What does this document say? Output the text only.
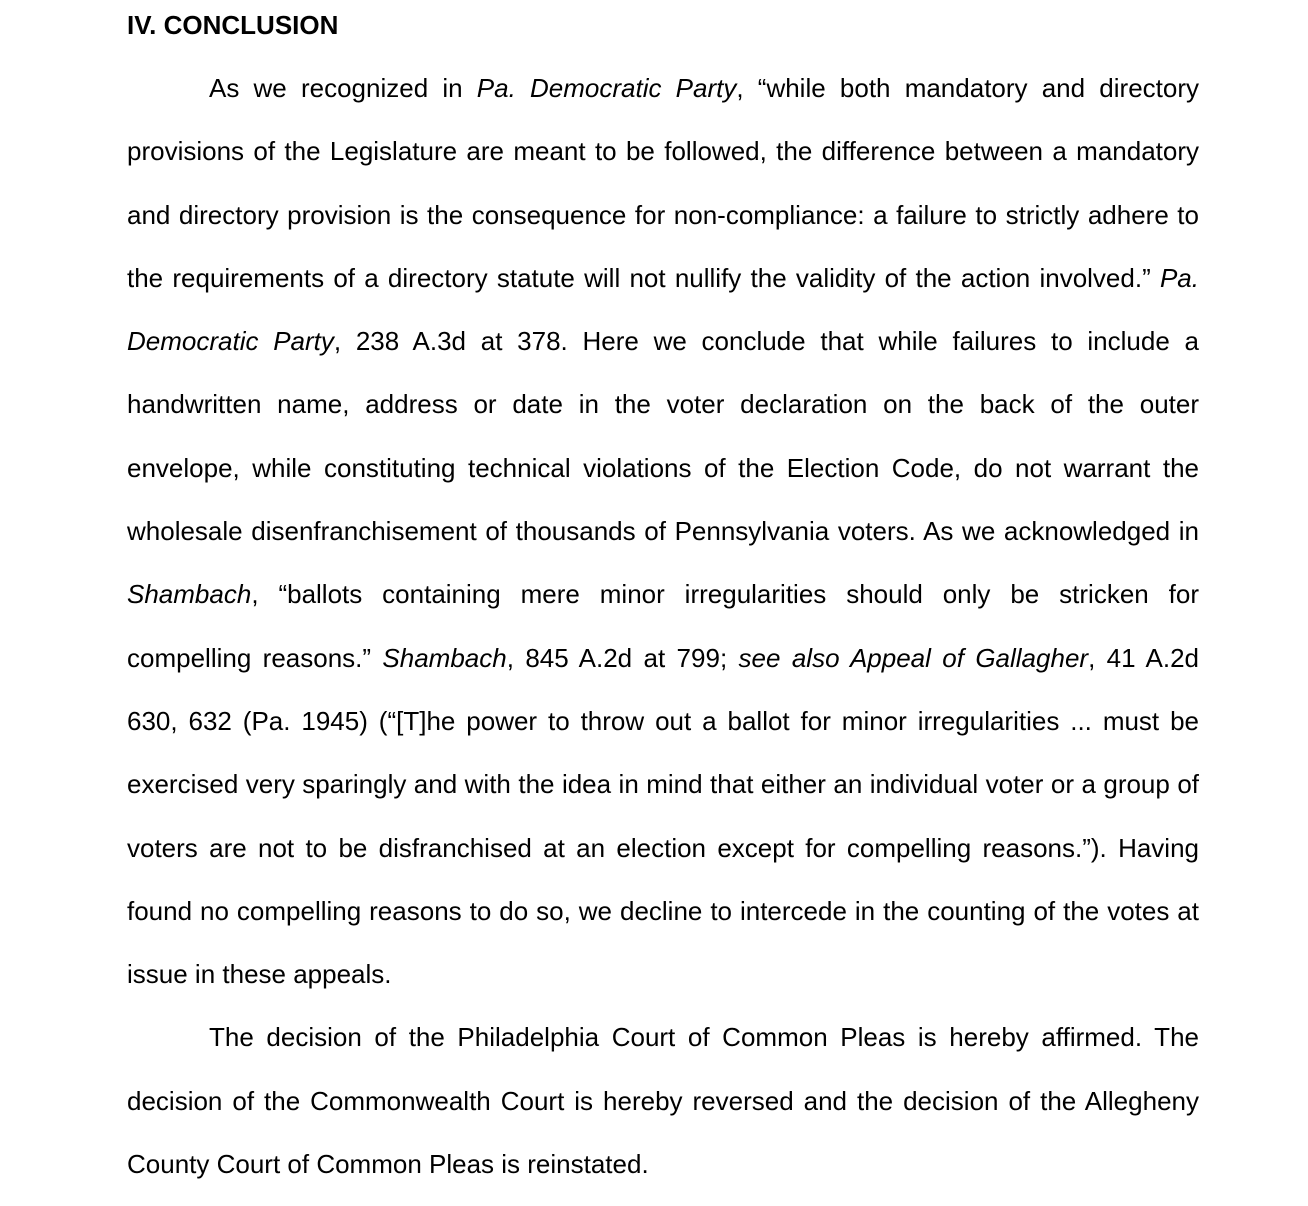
IV. CONCLUSION

As we recognized in Pa. Democratic Party, “while both mandatory and directory provisions of the Legislature are meant to be followed, the difference between a mandatory and directory provision is the consequence for non-compliance: a failure to strictly adhere to the requirements of a directory statute will not nullify the validity of the action involved.” Pa. Democratic Party, 238 A.3d at 378. Here we conclude that while failures to include a handwritten name, address or date in the voter declaration on the back of the outer envelope, while constituting technical violations of the Election Code, do not warrant the wholesale disenfranchisement of thousands of Pennsylvania voters. As we acknowledged in Shambach, “ballots containing mere minor irregularities should only be stricken for compelling reasons.” Shambach, 845 A.2d at 799; see also Appeal of Gallagher, 41 A.2d 630, 632 (Pa. 1945) (“[T]he power to throw out a ballot for minor irregularities ... must be exercised very sparingly and with the idea in mind that either an individual voter or a group of voters are not to be disfranchised at an election except for compelling reasons.”). Having found no compelling reasons to do so, we decline to intercede in the counting of the votes at issue in these appeals.

The decision of the Philadelphia Court of Common Pleas is hereby affirmed. The decision of the Commonwealth Court is hereby reversed and the decision of the Allegheny County Court of Common Pleas is reinstated.
